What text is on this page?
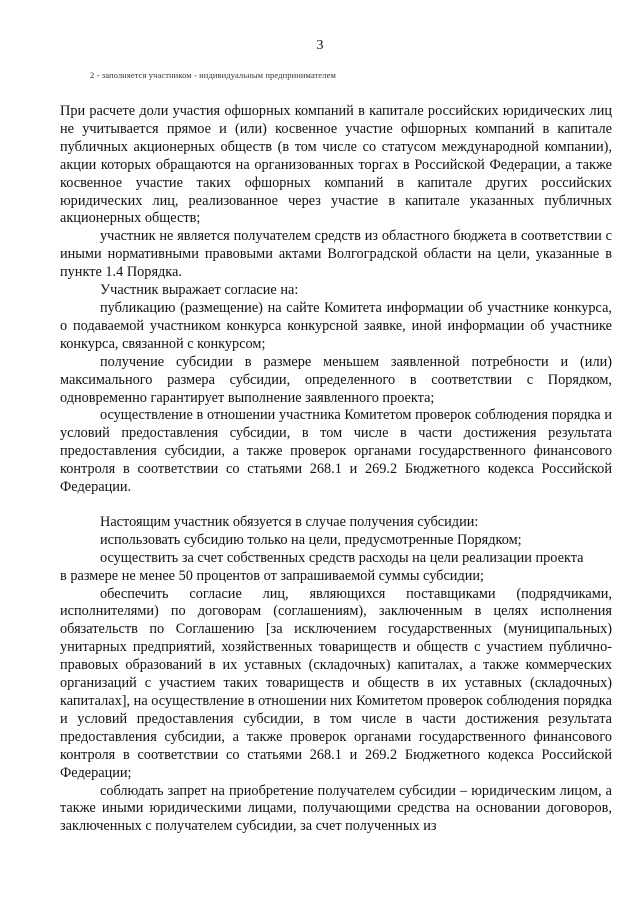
3
2 - заполняется участником - индивидуальным предпринимателем

При расчете доли участия офшорных компаний в капитале российских юридических лиц не учитывается прямое и (или) косвенное участие офшорных компаний в капитале публичных акционерных обществ (в том числе со статусом международной компании), акции которых обращаются на организованных торгах в Российской Федерации, а также косвенное участие таких офшорных компаний в капитале других российских юридических лиц, реализованное через участие в капитале указанных публичных акционерных обществ;

участник не является получателем средств из областного бюджета в соответствии с иными нормативными правовыми актами Волгоградской области на цели, указанные в пункте 1.4 Порядка.

Участник выражает согласие на:

публикацию (размещение) на сайте Комитета информации об участнике конкурса, о подаваемой участником конкурса конкурсной заявке, иной информации об участнике конкурса, связанной с конкурсом;

получение субсидии в размере меньшем заявленной потребности и (или) максимального размера субсидии, определенного в соответствии с Порядком, одновременно гарантирует выполнение заявленного проекта;

осуществление в отношении участника Комитетом проверок соблюдения порядка и условий предоставления субсидии, в том числе в части достижения результата предоставления субсидии, а также проверок органами государственного финансового контроля в соответствии со статьями 268.1 и 269.2 Бюджетного кодекса Российской Федерации.

Настоящим участник обязуется в случае получения субсидии:

использовать субсидию только на цели, предусмотренные Порядком;

осуществить за счет собственных средств расходы на цели реализации проекта

в размере не менее 50 процентов от запрашиваемой суммы субсидии;

обеспечить согласие лиц, являющихся поставщиками (подрядчиками, исполнителями) по договорам (соглашениям), заключенным в целях исполнения обязательств по Соглашению [за исключением государственных (муниципальных) унитарных предприятий, хозяйственных товариществ и обществ с участием публично-правовых образований в их уставных (складочных) капиталах, а также коммерческих организаций с участием таких товариществ и обществ в их уставных (складочных) капиталах], на осуществление в отношении них Комитетом проверок соблюдения порядка и условий предоставления субсидии, в том числе в части достижения результата предоставления субсидии, а также проверок органами государственного финансового контроля в соответствии со статьями 268.1 и 269.2 Бюджетного кодекса Российской Федерации;

соблюдать запрет на приобретение получателем субсидии – юридическим лицом, а также иными юридическими лицами, получающими средства на основании договоров, заключенных с получателем субсидии, за счет полученных из
